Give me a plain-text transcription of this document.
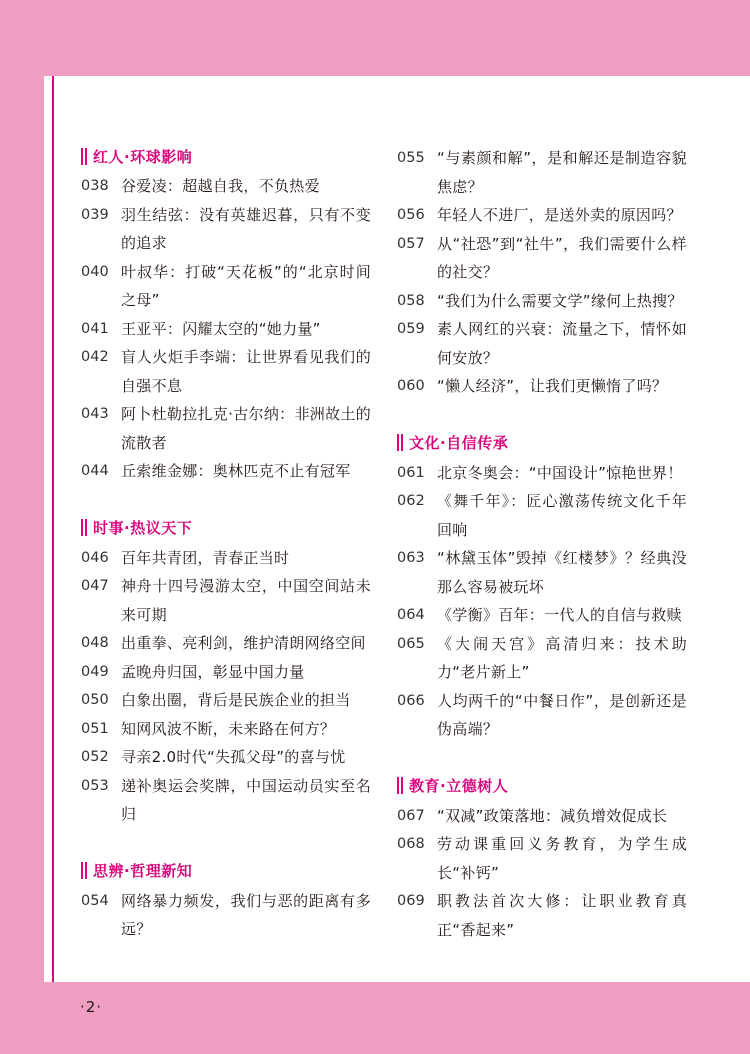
红人·环球影响
038 谷爱凌：超越自我，不负热爱
039 羽生结弦：没有英雄迟暮，只有不变的追求
040 叶叔华：打破“天花板”的“北京时间之母”
041 王亚平：闪耀太空的“她力量”
042 盲人火炬手李端：让世界看见我们的自强不息
043 阿卜杜勒拉扎克·古尔纳：非洲故土的流散者
044 丘索维金娜：奥林匹克不止有冠军
时事·热议天下
046 百年共青团，青春正当时
047 神舟十四号漫游太空，中国空间站未来可期
048 出重拳、亮利剑，维护清朗网络空间
049 孟晚舟归国，彰显中国力量
050 白象出圈，背后是民族企业的担当
051 知网风波不断，未来路在何方？
052 寻亲2.0时代“失孤父母”的喜与忧
053 递补奥运会奖牌，中国运动员实至名归
思辨·哲理新知
054 网络暴力频发，我们与恶的距离有多远？
055 “与素颜和解”，是和解还是制造容貌焦虑？
056 年轻人不进厂，是送外卖的原因吗？
057 从“社恐”到“社牛”，我们需要什么样的社交？
058 “我们为什么需要文学”缘何上热搜？
059 素人网红的兴衰：流量之下，情怀如何安放？
060 “懒人经济”，让我们更懒惰了吗？
文化·自信传承
061 北京冬奥会：“中国设计”惊艳世界！
062 《舞千年》：匠心激荡传统文化千年回响
063 “林黛玉体”毁掉《红楼梦》？经典没那么容易被玩坏
064 《学衡》百年：一代人的自信与救赎
065 《大闹天宫》高清归来：技术助力“老片新上”
066 人均两千的“中餐日作”，是创新还是伪高端？
教育·立德树人
067 “双减”政策落地：减负增效促成长
068 劳动课重回义务教育，为学生成长“补钙”
069 职教法首次大修：让职业教育真正“香起来”
·2·
